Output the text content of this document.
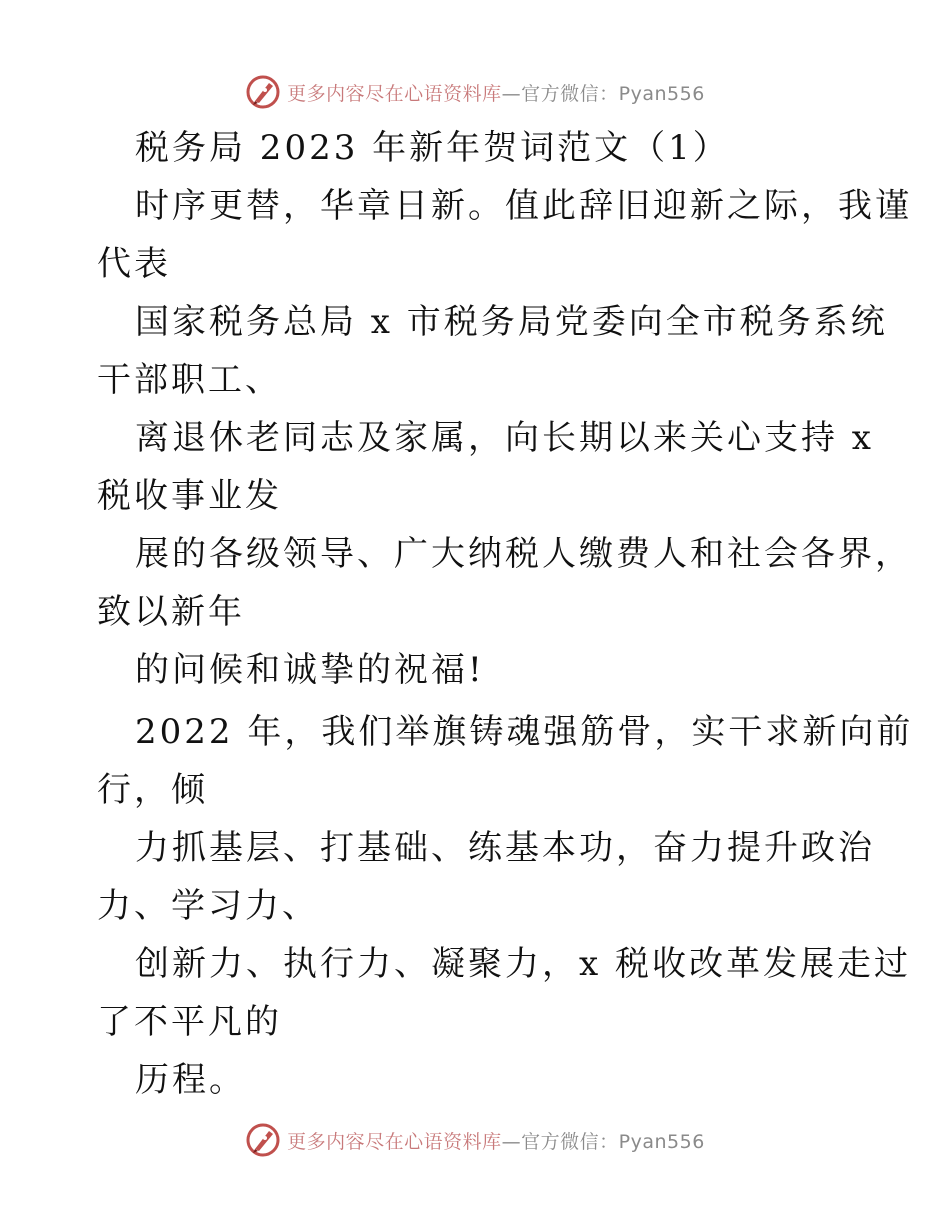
更多内容尽在心语资料库—官方微信：Pyan556
税务局 2023 年新年贺词范文（1）
时序更替，华章日新。值此辞旧迎新之际，我谨
代表
国家税务总局 x 市税务局党委向全市税务系统
干部职工、
离退休老同志及家属，向长期以来关心支持 x
税收事业发
展的各级领导、广大纳税人缴费人和社会各界，
致以新年
的问候和诚挚的祝福!
2022 年，我们举旗铸魂强筋骨，实干求新向前
行，倾
力抓基层、打基础、练基本功，奋力提升政治
力、学习力、
创新力、执行力、凝聚力，x 税收改革发展走过
了不平凡的
历程。
更多内容尽在心语资料库—官方微信：Pyan556
